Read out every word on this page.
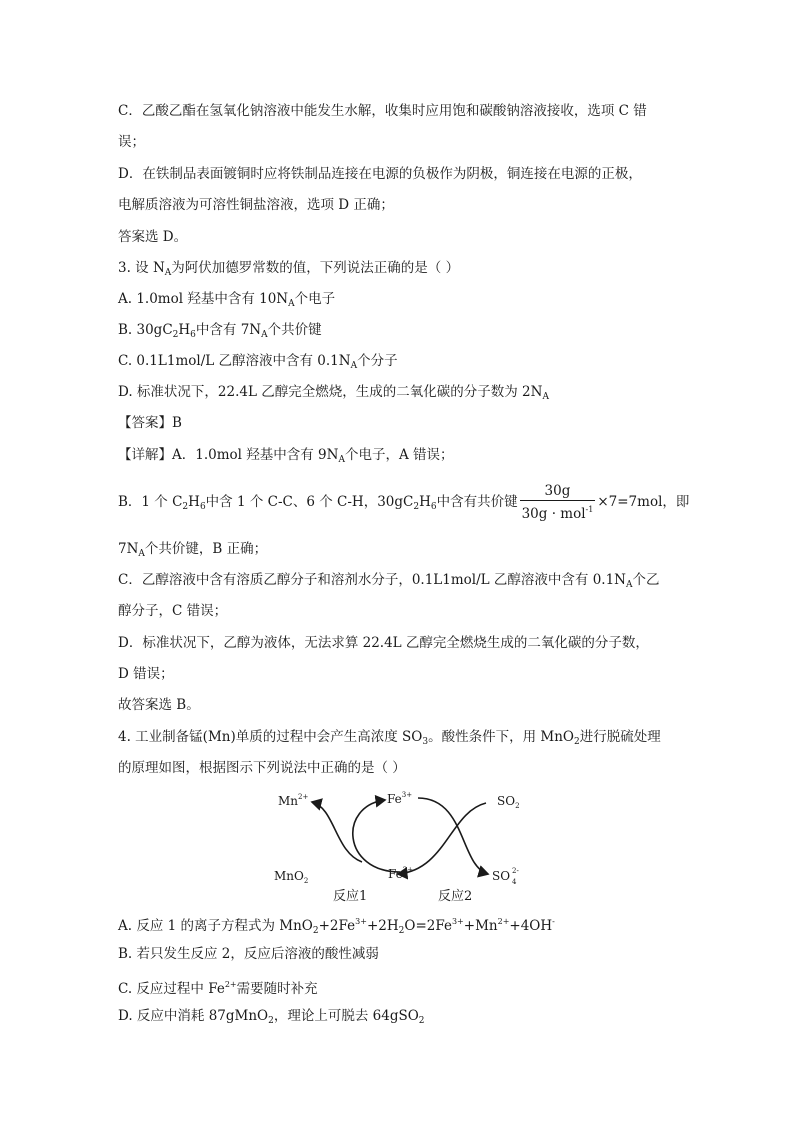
C．乙酸乙酯在氢氧化钠溶液中能发生水解，收集时应用饱和碳酸钠溶液接收，选项 C 错
误；
D．在铁制品表面镀铜时应将铁制品连接在电源的负极作为阴极，铜连接在电源的正极，
电解质溶液为可溶性铜盐溶液，选项 D 正确；
答案选 D。
3. 设 $N_A$为阿伏加德罗常数的值，下列说法正确的是（ ）
A. 1.0mol 羟基中含有 $10N_A$个电子
B. $30gC_2H_6$中含有 $7N_A$个共价键
C. 0.1L1mol/L 乙醇溶液中含有 $0.1N_A$个分子
D. 标准状况下，22.4L 乙醇完全燃烧，生成的二氧化碳的分子数为 $2N_A$
【答案】B
【详解】A．1.0mol 羟基中含有 $9N_A$个电子，A 错误；
B．1 个 $C_2H_6$中含 1 个 C-C、6 个 C-H，$30gC_2H_6$中含有共价键 $\frac{30g}{30g \cdot mol^{-1}} \times 7=7mol$，即
$7N_A$个共价键，B 正确；
C．乙醇溶液中含有溶质乙醇分子和溶剂水分子，0.1L1mol/L 乙醇溶液中含有 $0.1N_A$个乙
醇分子，C 错误；
D．标准状况下，乙醇为液体，无法求算 22.4L 乙醇完全燃烧生成的二氧化碳的分子数，
D 错误；
故答案选 B。
4. 工业制备锰(Mn)单质的过程中会产生高浓度 $SO_3$。酸性条件下，用 MnO$_2$进行脱硫处理
的原理如图，根据图示下列说法中正确的是（ ）
$Mn^{2+}$	$Fe^{3+}$	$SO_2$
MnO$_2$	$Fe^{2+}$	SO 42-
反应1	反应2
A. 反应 1 的离子方程式为 $MnO_2+2Fe^{3+}+2H_2O=2Fe^{3+}+Mn^{2+}+4OH^-$
B. 若只发生反应 2，反应后溶液的酸性减弱
C. 反应过程中 $Fe^{2+}$需要随时补充
D. 反应中消耗 87gMnO$_2$，理论上可脱去 64gSO$_2$
